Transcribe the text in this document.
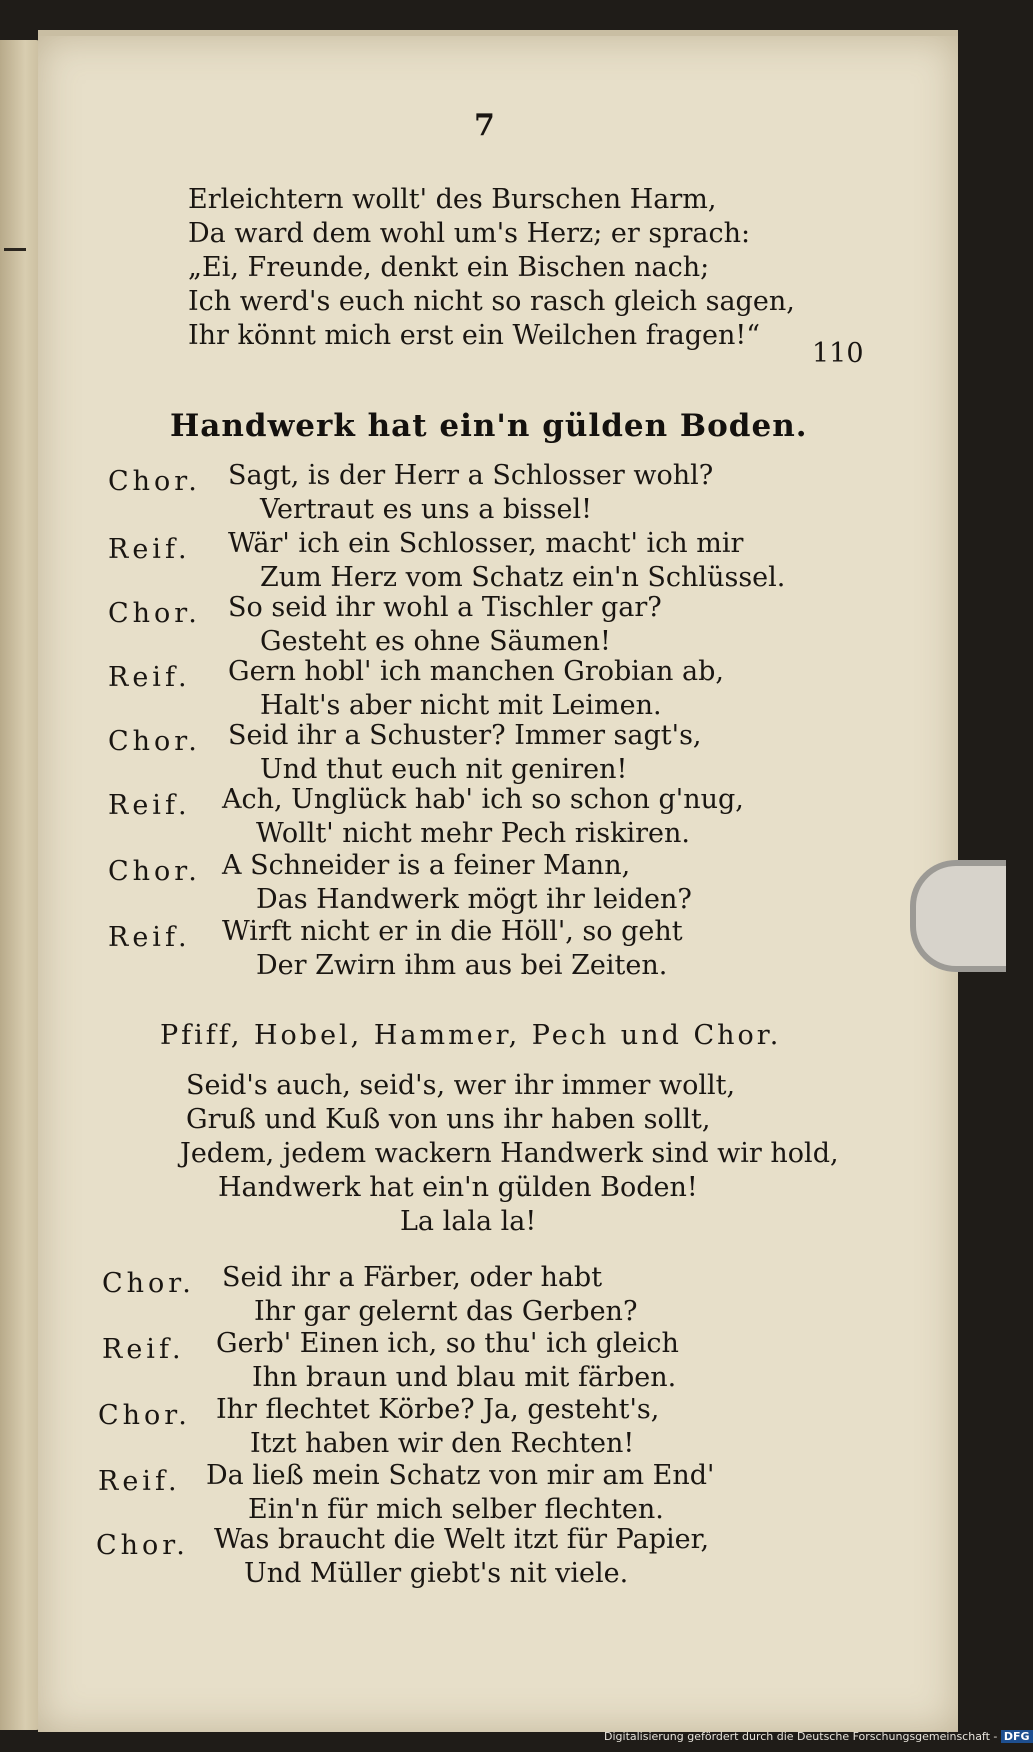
7
Erleichtern wollt' des Burschen Harm,
Da ward dem wohl um's Herz; er sprach:
„Ei, Freunde, denkt ein Bischen nach;
Ich werd's euch nicht so rasch gleich sagen,
Ihr könnt mich erst ein Weilchen fragen!“
110
Handwerk hat ein'n gülden Boden.
Chor. Sagt, is der Herr a Schlosser wohl?
Vertraut es uns a bissel!
Reif. Wär' ich ein Schlosser, macht' ich mir
Zum Herz vom Schatz ein'n Schlüssel.
Chor. So seid ihr wohl a Tischler gar?
Gesteht es ohne Säumen!
Reif. Gern hobl' ich manchen Grobian ab,
Halt's aber nicht mit Leimen.
Chor. Seid ihr a Schuster? Immer sagt's,
Und thut euch nit geniren!
Reif. Ach, Unglück hab' ich so schon g'nug,
Wollt' nicht mehr Pech riskiren.
Chor. A Schneider is a feiner Mann,
Das Handwerk mögt ihr leiden?
Reif. Wirft nicht er in die Höll', so geht
Der Zwirn ihm aus bei Zeiten.
Pfiff, Hobel, Hammer, Pech und Chor.
Seid's auch, seid's, wer ihr immer wollt,
Gruß und Kuß von uns ihr haben sollt,
Jedem, jedem wackern Handwerk sind wir hold,
Handwerk hat ein'n gülden Boden!
La lala la!
Chor. Seid ihr a Färber, oder habt
Ihr gar gelernt das Gerben?
Reif. Gerb' Einen ich, so thu' ich gleich
Ihn braun und blau mit färben.
Chor. Ihr flechtet Körbe? Ja, gesteht's,
Itzt haben wir den Rechten!
Reif. Da ließ mein Schatz von mir am End'
Ein'n für mich selber flechten.
Chor. Was braucht die Welt itzt für Papier,
Und Müller giebt's nit viele.
Digitalisierung gefördert durch die Deutsche Forschungsgemeinschaft - DFG
